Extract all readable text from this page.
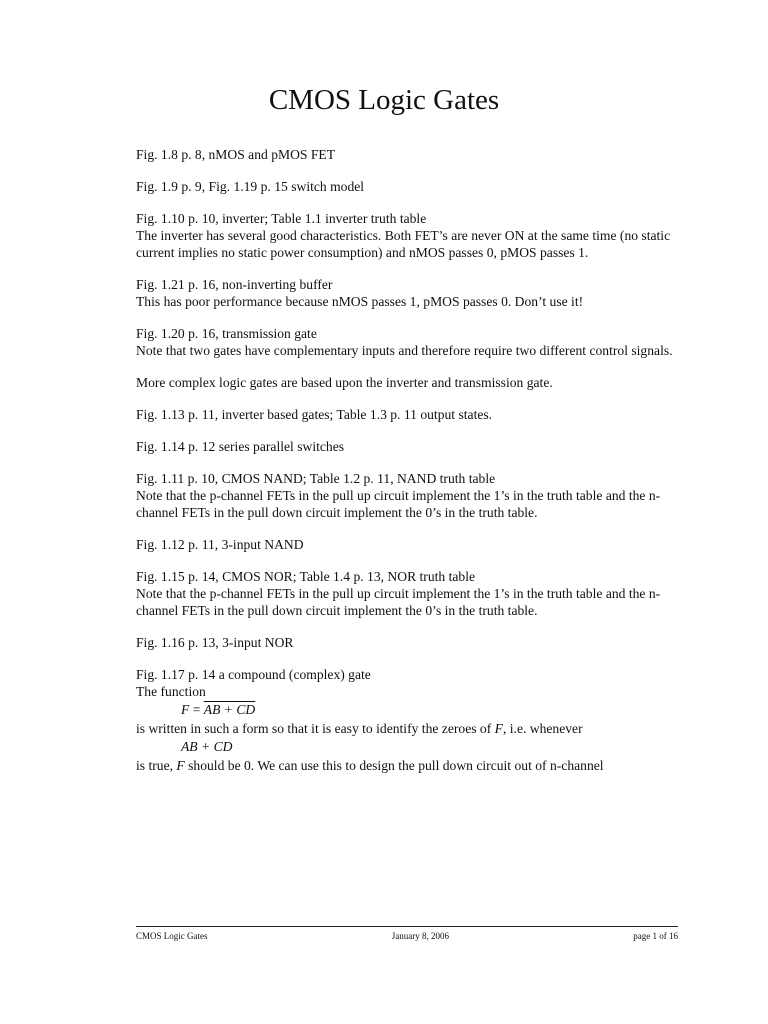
CMOS Logic Gates

Fig. 1.8 p. 8, nMOS and pMOS FET

Fig. 1.9 p. 9, Fig. 1.19 p. 15 switch model

Fig. 1.10 p. 10, inverter; Table 1.1 inverter truth table
The inverter has several good characteristics. Both FET’s are never ON at the same time (no static current implies no static power consumption) and nMOS passes 0, pMOS passes 1.

Fig. 1.21 p. 16, non-inverting buffer
This has poor performance because nMOS passes 1, pMOS passes 0. Don’t use it!

Fig. 1.20 p. 16, transmission gate
Note that two gates have complementary inputs and therefore require two different control signals.

More complex logic gates are based upon the inverter and transmission gate.

Fig. 1.13 p. 11, inverter based gates; Table 1.3 p. 11 output states.

Fig. 1.14 p. 12 series parallel switches

Fig. 1.11 p. 10, CMOS NAND; Table 1.2 p. 11, NAND truth table
Note that the p-channel FETs in the pull up circuit implement the 1’s in the truth table and the n-channel FETs in the pull down circuit implement the 0’s in the truth table.

Fig. 1.12 p. 11, 3-input NAND

Fig. 1.15 p. 14, CMOS NOR; Table 1.4 p. 13, NOR truth table
Note that the p-channel FETs in the pull up circuit implement the 1’s in the truth table and the n-channel FETs in the pull down circuit implement the 0’s in the truth table.

Fig. 1.16 p. 13, 3-input NOR

Fig. 1.17 p. 14 a compound (complex) gate
The function
F = AB + CD
is written in such a form so that it is easy to identify the zeroes of F, i.e. whenever
AB + CD
is true, F should be 0. We can use this to design the pull down circuit out of n-channel

CMOS Logic Gates	January 8, 2006	page 1 of 16
